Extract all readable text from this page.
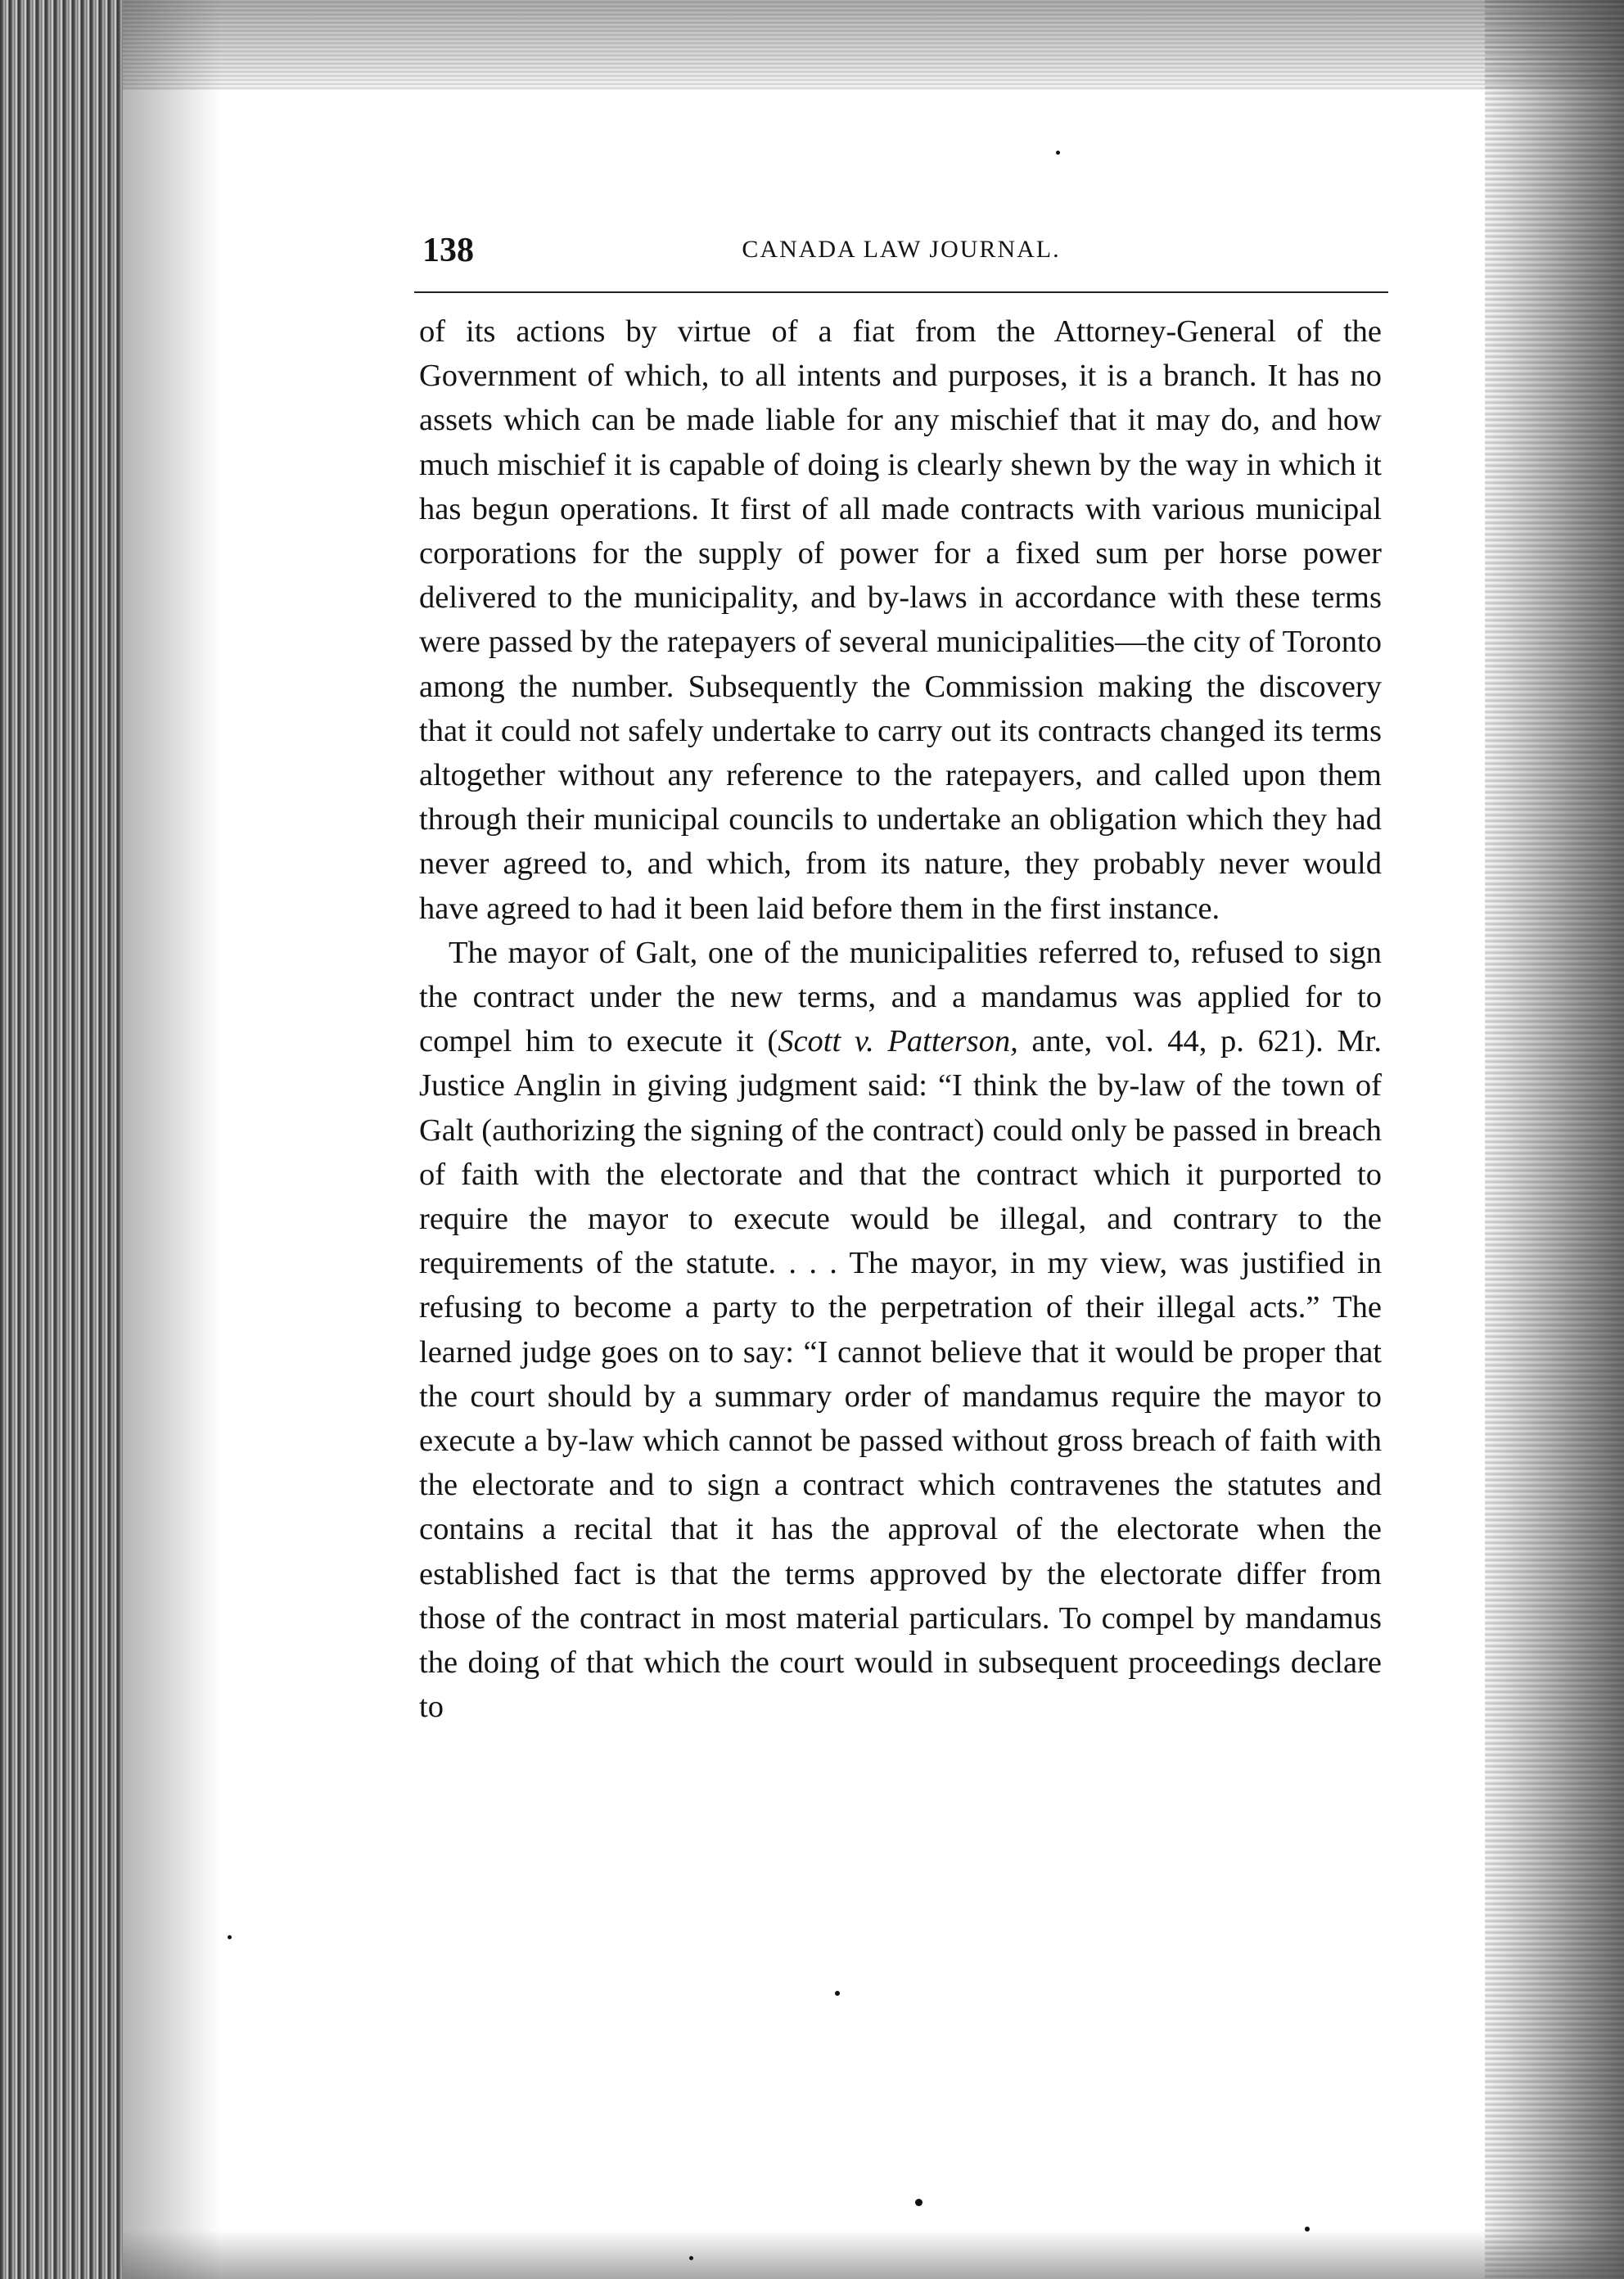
138	CANADA LAW JOURNAL.

of its actions by virtue of a fiat from the Attorney-General of the Government of which, to all intents and purposes, it is a branch. It has no assets which can be made liable for any mischief that it may do, and how much mischief it is capable of doing is clearly shewn by the way in which it has begun operations. It first of all made contracts with various municipal corporations for the supply of power for a fixed sum per horse power delivered to the municipality, and by-laws in accordance with these terms were passed by the ratepayers of several municipalities—the city of Toronto among the number. Subsequently the Commission making the discovery that it could not safely undertake to carry out its contracts changed its terms altogether without any reference to the ratepayers, and called upon them through their municipal councils to undertake an obligation which they had never agreed to, and which, from its nature, they probably never would have agreed to had it been laid before them in the first instance.

The mayor of Galt, one of the municipalities referred to, refused to sign the contract under the new terms, and a mandamus was applied for to compel him to execute it (Scott v. Patterson, ante, vol. 44, p. 621). Mr. Justice Anglin in giving judgment said: “I think the by-law of the town of Galt (authorizing the signing of the contract) could only be passed in breach of faith with the electorate and that the contract which it purported to require the mayor to execute would be illegal, and contrary to the requirements of the statute. . . . The mayor, in my view, was justified in refusing to become a party to the perpetration of their illegal acts.” The learned judge goes on to say: “I cannot believe that it would be proper that the court should by a summary order of mandamus require the mayor to execute a by-law which cannot be passed without gross breach of faith with the electorate and to sign a contract which contravenes the statutes and contains a recital that it has the approval of the electorate when the established fact is that the terms approved by the electorate differ from those of the contract in most material particulars. To compel by mandamus the doing of that which the court would in subsequent proceedings declare to
